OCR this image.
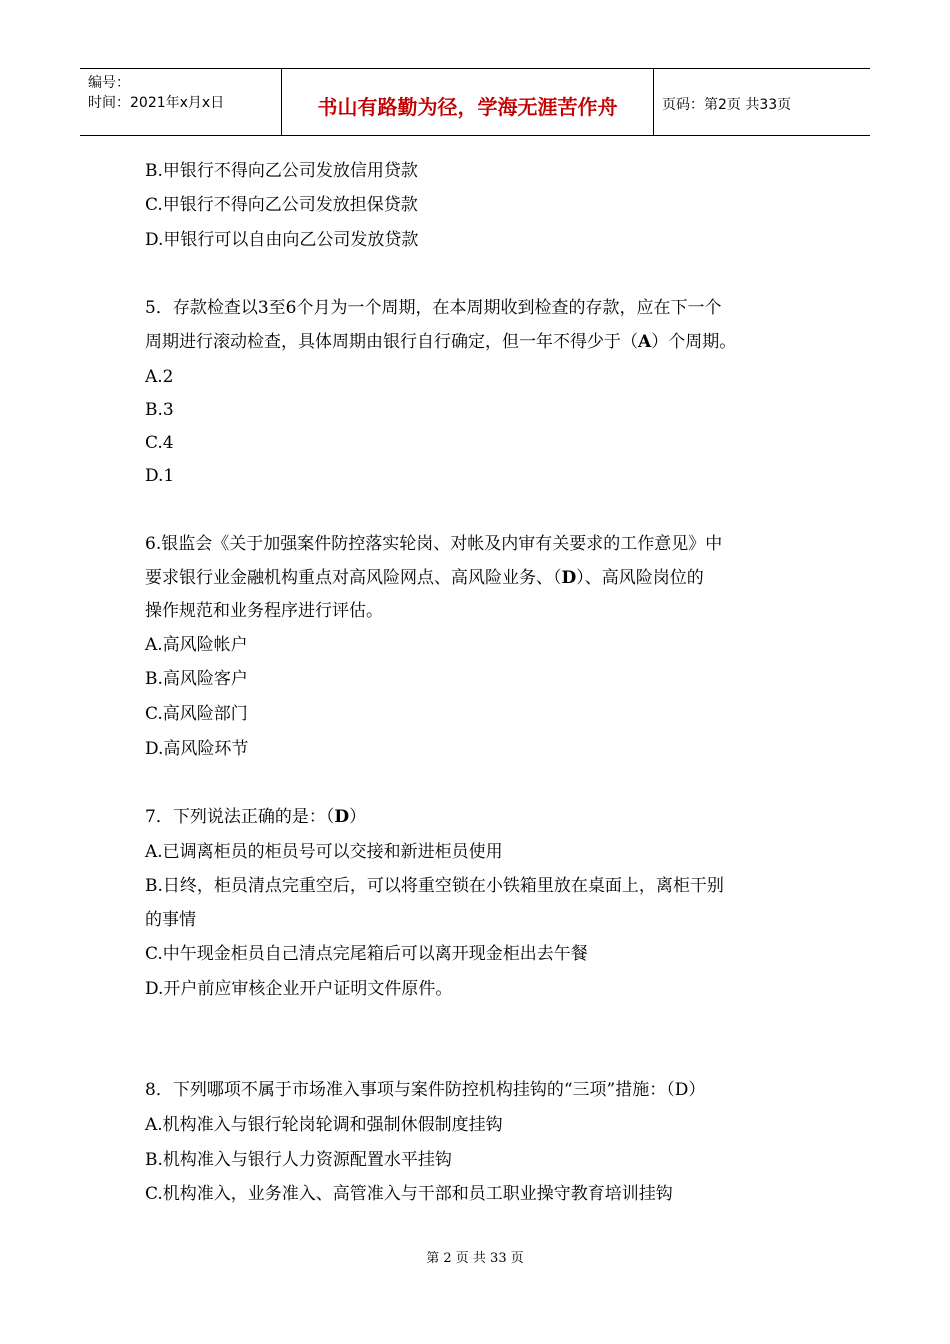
编号：
时间：2021年x月x日	书山有路勤为径，学海无涯苦作舟	页码：第2页 共33页
B.甲银行不得向乙公司发放信用贷款
C.甲银行不得向乙公司发放担保贷款
D.甲银行可以自由向乙公司发放贷款
5．存款检查以3至6个月为一个周期，在本周期收到检查的存款，应在下一个
周期进行滚动检查，具体周期由银行自行确定，但一年不得少于（A）个周期。
A.2
B.3
C.4
D.1
6.银监会《关于加强案件防控落实轮岗、对帐及内审有关要求的工作意见》中
要求银行业金融机构重点对高风险网点、高风险业务、（D）、高风险岗位的
操作规范和业务程序进行评估。
A.高风险帐户
B.高风险客户
C.高风险部门
D.高风险环节
7．下列说法正确的是：（D）
A.已调离柜员的柜员号可以交接和新进柜员使用
B.日终，柜员清点完重空后，可以将重空锁在小铁箱里放在桌面上，离柜干别
的事情
C.中午现金柜员自己清点完尾箱后可以离开现金柜出去午餐
D.开户前应审核企业开户证明文件原件。
8．下列哪项不属于市场准入事项与案件防控机构挂钩的“三项”措施：（D）
A.机构准入与银行轮岗轮调和强制休假制度挂钩
B.机构准入与银行人力资源配置水平挂钩
C.机构准入，业务准入、高管准入与干部和员工职业操守教育培训挂钩
第 2 页 共 33 页
